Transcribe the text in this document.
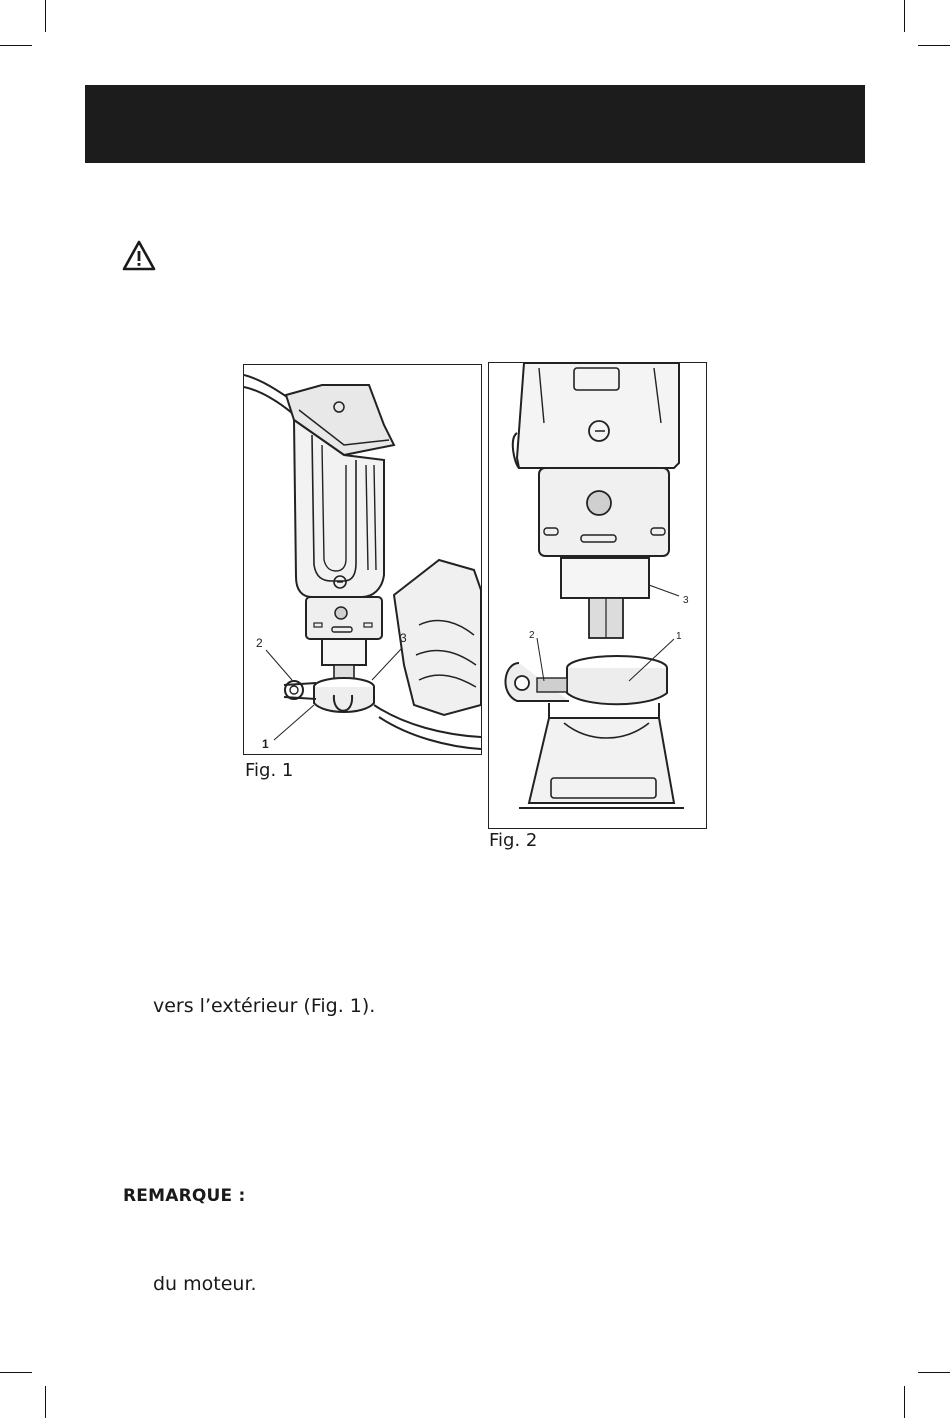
2	3
1
Fig. 1
2	1
3
Fig. 2
vers l’extérieur (Fig. 1).
REMARQUE :
du moteur.
